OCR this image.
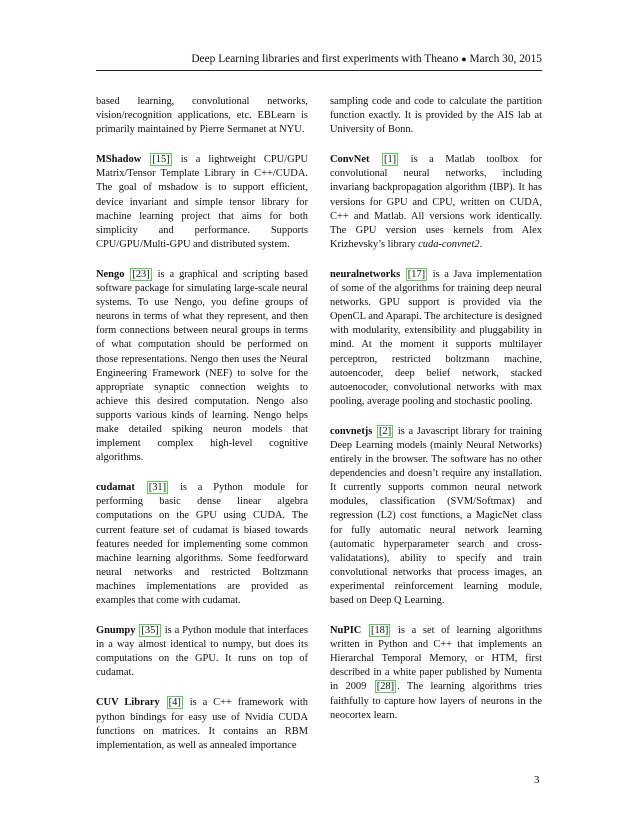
Deep Learning libraries and first experiments with Theano ● March 30, 2015

based learning, convolutional networks, vision/recognition applications, etc. EBLearn is primarily maintained by Pierre Sermanet at NYU.

MShadow [15] is a lightweight CPU/GPU Matrix/Tensor Template Library in C++/CUDA. The goal of mshadow is to support efficient, device invariant and simple tensor library for machine learning project that aims for both simplicity and performance. Supports CPU/GPU/Multi-GPU and distributed system.

Nengo [23] is a graphical and scripting based software package for simulating large-scale neural systems. To use Nengo, you define groups of neurons in terms of what they represent, and then form connections between neural groups in terms of what computation should be performed on those representations. Nengo then uses the Neural Engineering Framework (NEF) to solve for the appropriate synaptic connection weights to achieve this desired computation. Nengo also supports various kinds of learning. Nengo helps make detailed spiking neuron models that implement complex high-level cognitive algorithms.

cudamat [31] is a Python module for performing basic dense linear algebra computations on the GPU using CUDA. The current feature set of cudamat is biased towards features needed for implementing some common machine learning algorithms. Some feedforward neural networks and restricted Boltzmann machines implementations are provided as examples that come with cudamat.

Gnumpy [35] is a Python module that interfaces in a way almost identical to numpy, but does its computations on the GPU. It runs on top of cudamat.

CUV Library [4] is a C++ framework with python bindings for easy use of Nvidia CUDA functions on matrices. It contains an RBM implementation, as well as annealed importance

sampling code and code to calculate the partition function exactly. It is provided by the AIS lab at University of Bonn.

ConvNet [1] is a Matlab toolbox for convolutional neural networks, including invariang backpropagation algorithm (IBP). It has versions for GPU and CPU, written on CUDA, C++ and Matlab. All versions work identically. The GPU version uses kernels from Alex Krizhevsky’s library cuda-convnet2.

neuralnetworks [17] is a Java implementation of some of the algorithms for training deep neural networks. GPU support is provided via the OpenCL and Aparapi. The architecture is designed with modularity, extensibility and pluggability in mind. At the moment it supports multilayer perceptron, restricted boltzmann machine, autoencoder, deep belief network, stacked autoenocoder, convolutional networks with max pooling, average pooling and stochastic pooling.

convnetjs [2] is a Javascript library for training Deep Learning models (mainly Neural Networks) entirely in the browser. The software has no other dependencies and doesn’t require any installation. It currently supports common neural network modules, classification (SVM/Softmax) and regression (L2) cost functions, a MagicNet class for fully automatic neural network learning (automatic hyperparameter search and cross-validatations), ability to specify and train convolutional networks that process images, an experimental reinforcement learning module, based on Deep Q Learning.

NuPIC [18] is a set of learning algorithms written in Python and C++ that implements an Hierarchal Temporal Memory, or HTM, first described in a white paper published by Numenta in 2009 [28] . The learning algorithms tries faithfully to capture how layers of neurons in the neocortex learn.

3
